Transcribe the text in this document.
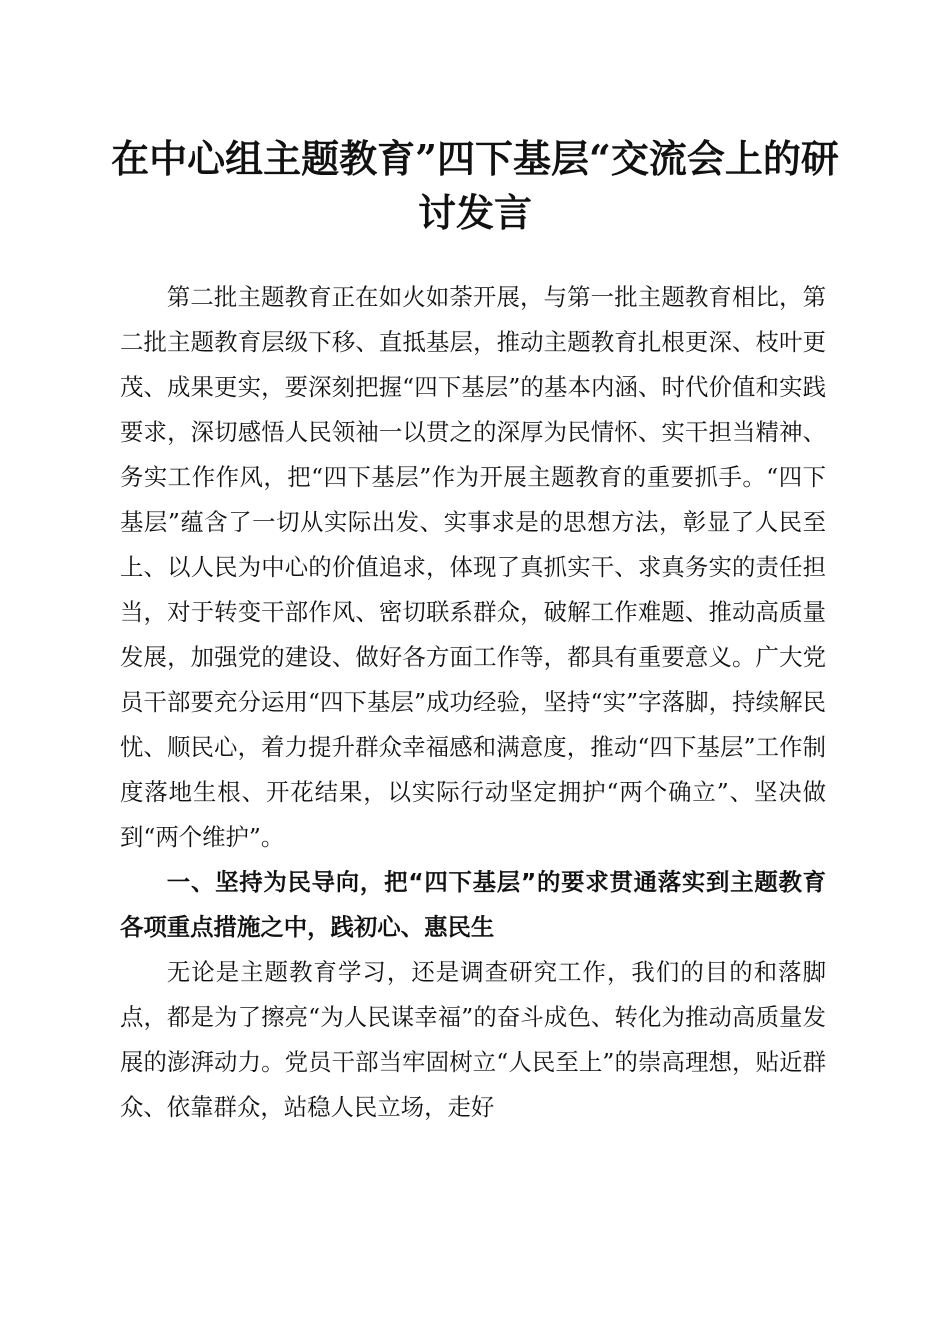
在中心组主题教育”四下基层“交流会上的研讨发言

第二批主题教育正在如火如荼开展，与第一批主题教育相比，第二批主题教育层级下移、直抵基层，推动主题教育扎根更深、枝叶更茂、成果更实，要深刻把握“四下基层”的基本内涵、时代价值和实践要求，深切感悟人民领袖一以贯之的深厚为民情怀、实干担当精神、务实工作作风，把“四下基层”作为开展主题教育的重要抓手。“四下基层”蕴含了一切从实际出发、实事求是的思想方法，彰显了人民至上、以人民为中心的价值追求，体现了真抓实干、求真务实的责任担当，对于转变干部作风、密切联系群众，破解工作难题、推动高质量发展，加强党的建设、做好各方面工作等，都具有重要意义。广大党员干部要充分运用“四下基层”成功经验，坚持“实”字落脚，持续解民忧、顺民心，着力提升群众幸福感和满意度，推动“四下基层”工作制度落地生根、开花结果，以实际行动坚定拥护“两个确立”、坚决做到“两个维护”。

一、坚持为民导向，把“四下基层”的要求贯通落实到主题教育各项重点措施之中，践初心、惠民生

无论是主题教育学习，还是调查研究工作，我们的目的和落脚点，都是为了擦亮“为人民谋幸福”的奋斗成色、转化为推动高质量发展的澎湃动力。党员干部当牢固树立“人民至上”的崇高理想，贴近群众、依靠群众，站稳人民立场，走好
